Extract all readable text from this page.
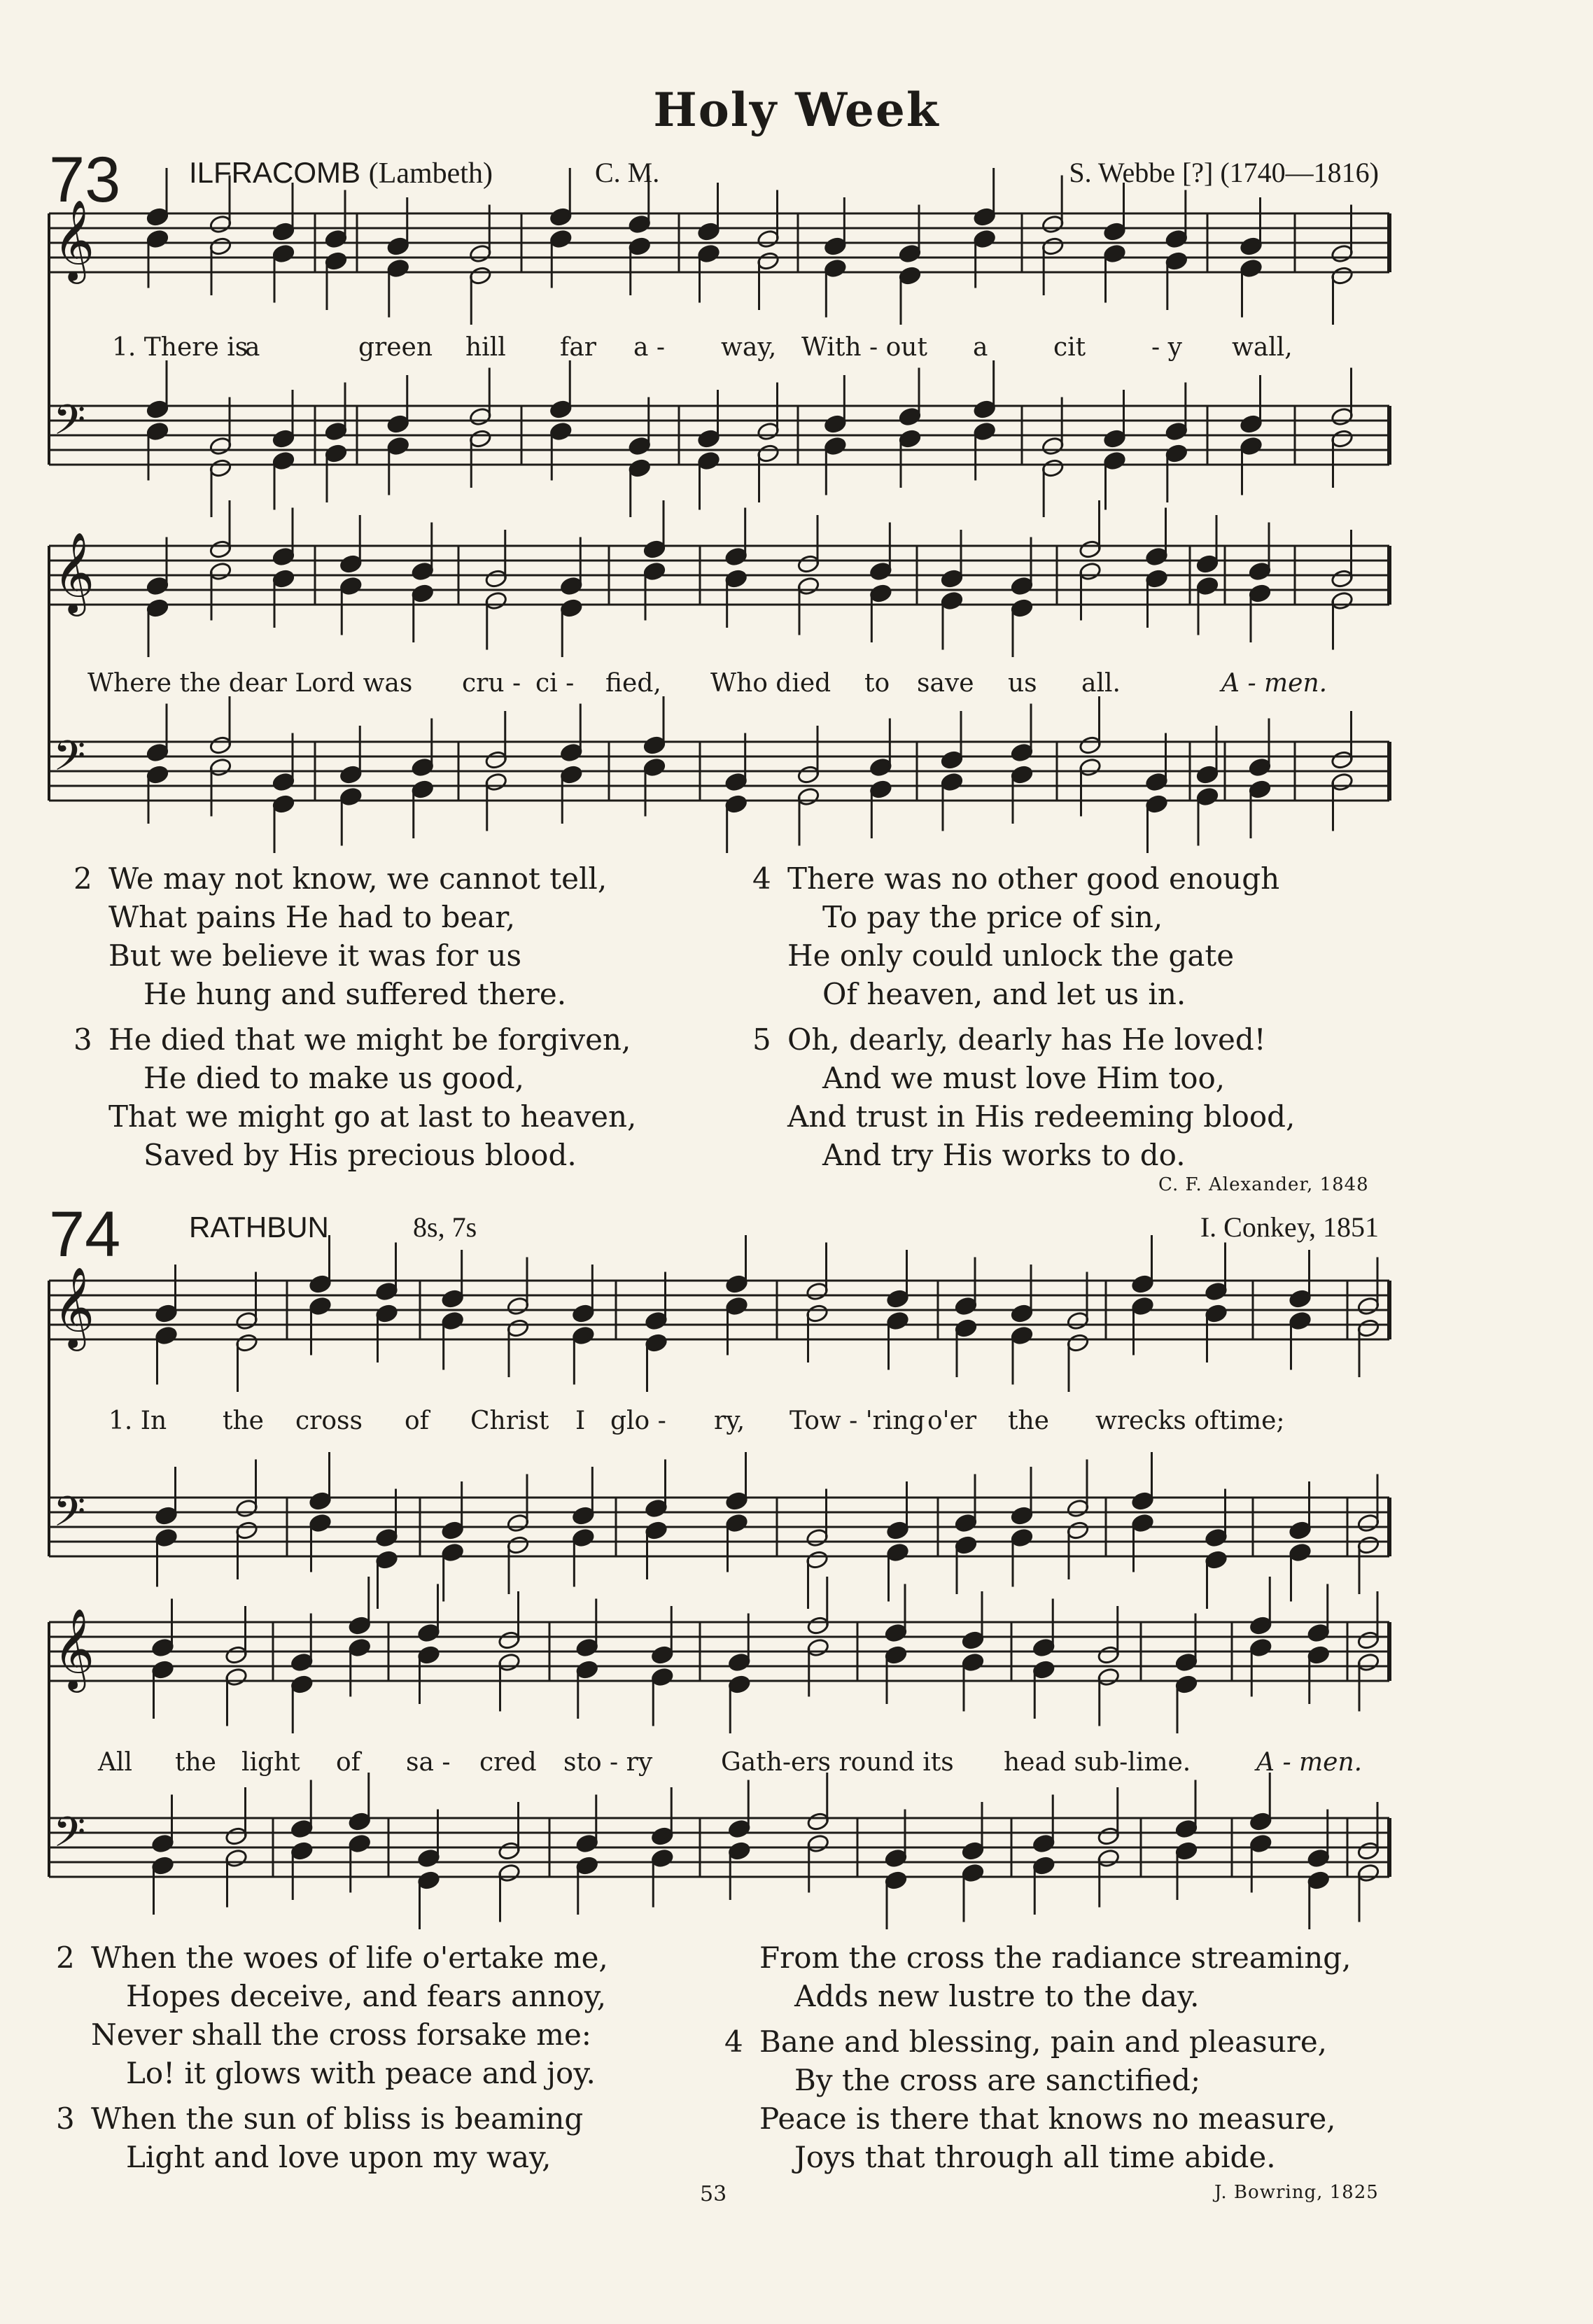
Holy Week
73 ILFRACOMB (Lambeth)	C. M.	S. Webbe [?] (1740—1816)
74 RATHBUN	8s, 7s	I. Conkey, 1851
𝄞
𝄢
𝄞
𝄢
𝄞
𝄢
𝄞
𝄢
1. There is
a	green hill far a - way, With - out a	cit	- y wall,
Where the dear Lord was cru - ci - fied, Who died to save us all.	A - men.
1. In the cross of Christ I glo - ry, Tow - 'ring o'er the wrecks of time;
All the light of sa - cred sto - ry	Gath-ers round its head sub-lime.	A - men.
2 We may not know, we cannot tell,
What pains He had to bear,
But we believe it was for us
He hung and suffered there.
3 He died that we might be forgiven,
He died to make us good,
That we might go at last to heaven,
Saved by His precious blood.
4 There was no other good enough
To pay the price of sin,
He only could unlock the gate
Of heaven, and let us in.
5 Oh, dearly, dearly has He loved!
And we must love Him too,
And trust in His redeeming blood,
And try His works to do.
C. F. Alexander, 1848
2 When the woes of life o'ertake me,
Hopes deceive, and fears annoy,
Never shall the cross forsake me:
Lo! it glows with peace and joy.
3 When the sun of bliss is beaming
Light and love upon my way,
From the cross the radiance streaming,
Adds new lustre to the day.
4 Bane and blessing, pain and pleasure,
By the cross are sanctified;
Peace is there that knows no measure,
Joys that through all time abide.
J. Bowring, 1825
53
